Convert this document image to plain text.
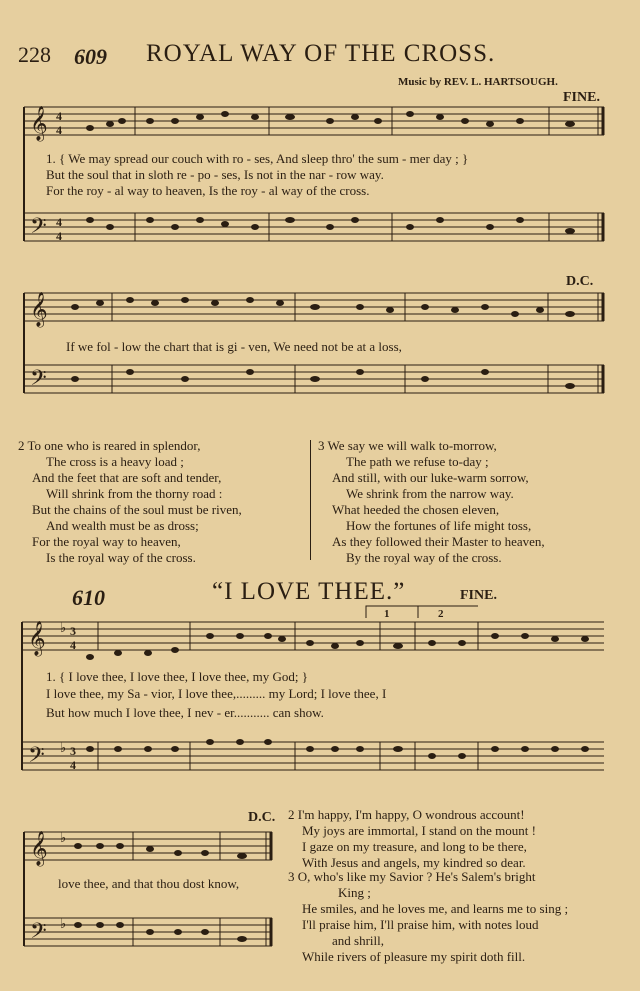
228 609 ROYAL WAY OF THE CROSS.
Music by REV. L. HARTSOUGH.
FINE.
𝄞
𝄢
4
4
4
4
1. { We may spread our couch with ro - ses, And sleep thro' the sum - mer day ; }
But the soul that in sloth re - po - ses, Is not in the nar - row way.
For the roy - al way to heaven, Is the roy - al way of the cross.
D.C.
𝄞
𝄢
If we fol - low the chart that is gi - ven, We need not be at a loss,
2 To one who is reared in splendor,
The cross is a heavy load ;
And the feet that are soft and tender,
Will shrink from the thorny road :
But the chains of the soul must be riven,
And wealth must be as dross;
For the royal way to heaven,
Is the royal way of the cross.
3 We say we will walk to-morrow,
The path we refuse to-day ;
And still, with our luke-warm sorrow,
We shrink from the narrow way.
What heeded the chosen eleven,
How the fortunes of life might toss,
As they followed their Master to heaven,
By the royal way of the cross.
610	“I LOVE THEE.”	FINE.
1	2
𝄞
𝄢
♭
♭
3
4
3
4
1. { I love thee, I love thee, I love thee, my God; }
I love thee, my Sa - vior, I love thee,......... my Lord; I love thee, I
But how much I love thee, I nev - er........... can show.
D.C.
𝄞
𝄢
♭
♭
love thee, and that thou dost know,
2 I'm happy, I'm happy, O wondrous account!
My joys are immortal, I stand on the mount !
I gaze on my treasure, and long to be there,
With Jesus and angels, my kindred so dear.
3 O, who's like my Savior ? He's Salem's bright
King ;
He smiles, and he loves me, and learns me to sing ;
I'll praise him, I'll praise him, with notes loud
and shrill,
While rivers of pleasure my spirit doth fill.
